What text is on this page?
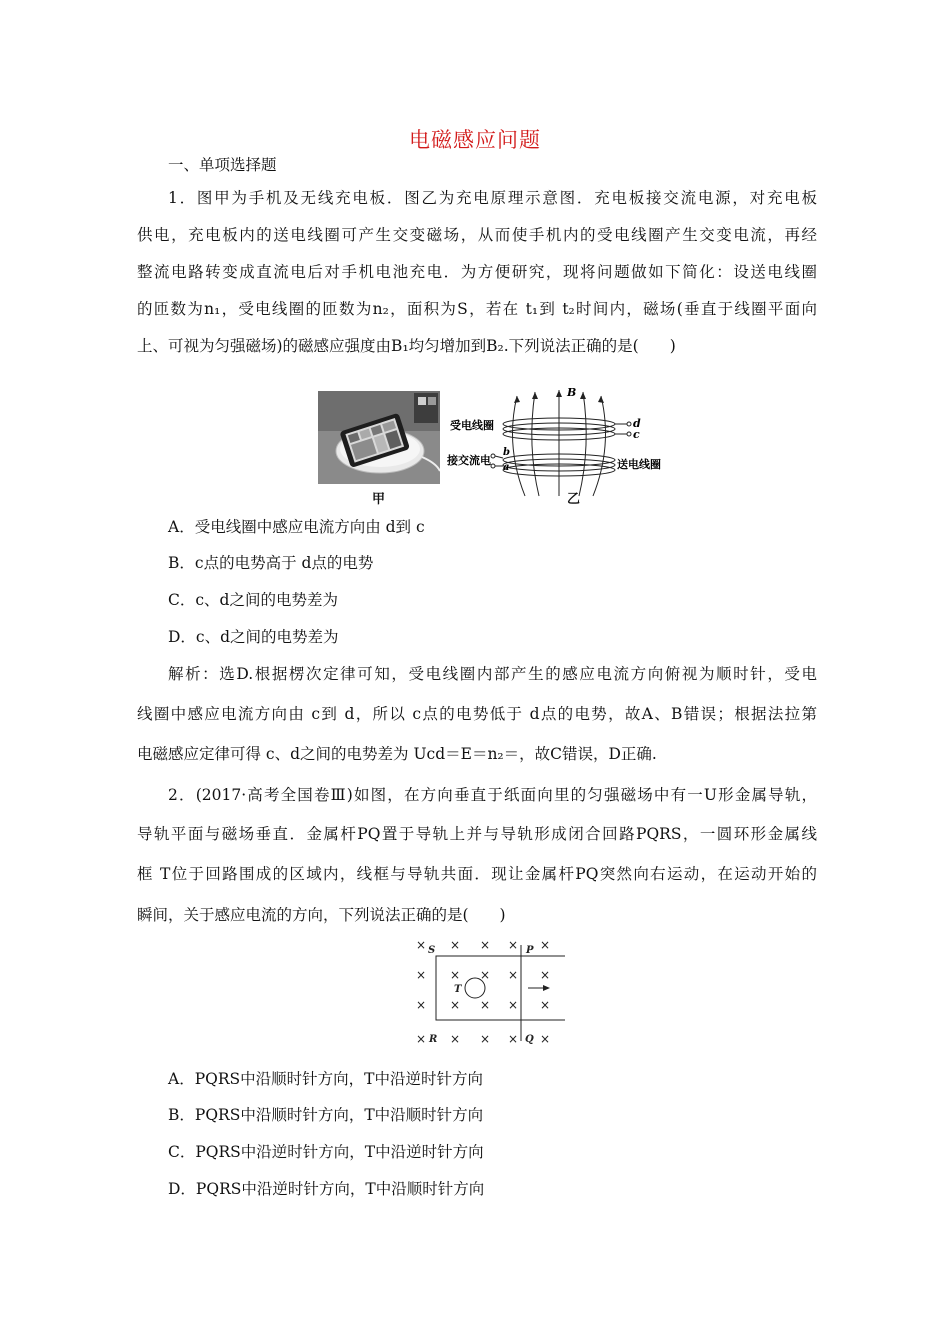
电磁感应问题
一、单项选择题
1．图甲为手机及无线充电板．图乙为充电原理示意图．充电板接交流电源，对充电板
供电，充电板内的送电线圈可产生交变磁场，从而使手机内的受电线圈产生交变电流，再经
整流电路转变成直流电后对手机电池充电．为方便研究，现将问题做如下简化：设送电线圈
的匝数为n₁，受电线圈的匝数为n₂，面积为S，若在 t₁到 t₂时间内，磁场(垂直于线圈平面向
上、可视为匀强磁场)的磁感应强度由B₁均匀增加到B₂.下列说法正确的是(　　)
甲
B
d
c
b
a
受电线圈
接交流电	送电线圈
乙
A．受电线圈中感应电流方向由 d到 c
B．c点的电势高于 d点的电势
C．c、d之间的电势差为
D．c、d之间的电势差为
解析：选D.根据楞次定律可知，受电线圈内部产生的感应电流方向俯视为顺时针，受电
线圈中感应电流方向由 c到 d，所以 c点的电势低于 d点的电势，故A、B错误；根据法拉第
电磁感应定律可得 c、d之间的电势差为 Ucd＝E＝n₂＝，故C错误，D正确.
2．(2017·高考全国卷Ⅲ)如图，在方向垂直于纸面向里的匀强磁场中有一U形金属导轨，
导轨平面与磁场垂直．金属杆PQ置于导轨上并与导轨形成闭合回路PQRS，一圆环形金属线
框 T位于回路围成的区域内，线框与导轨共面．现让金属杆PQ突然向右运动，在运动开始的
瞬间，关于感应电流的方向，下列说法正确的是(　　)
× × × × ×
× × × × ×
× × × × ×
× × × × ×
S	P
R	Q
T
A．PQRS中沿顺时针方向，T中沿逆时针方向
B．PQRS中沿顺时针方向，T中沿顺时针方向
C．PQRS中沿逆时针方向，T中沿逆时针方向
D．PQRS中沿逆时针方向，T中沿顺时针方向
